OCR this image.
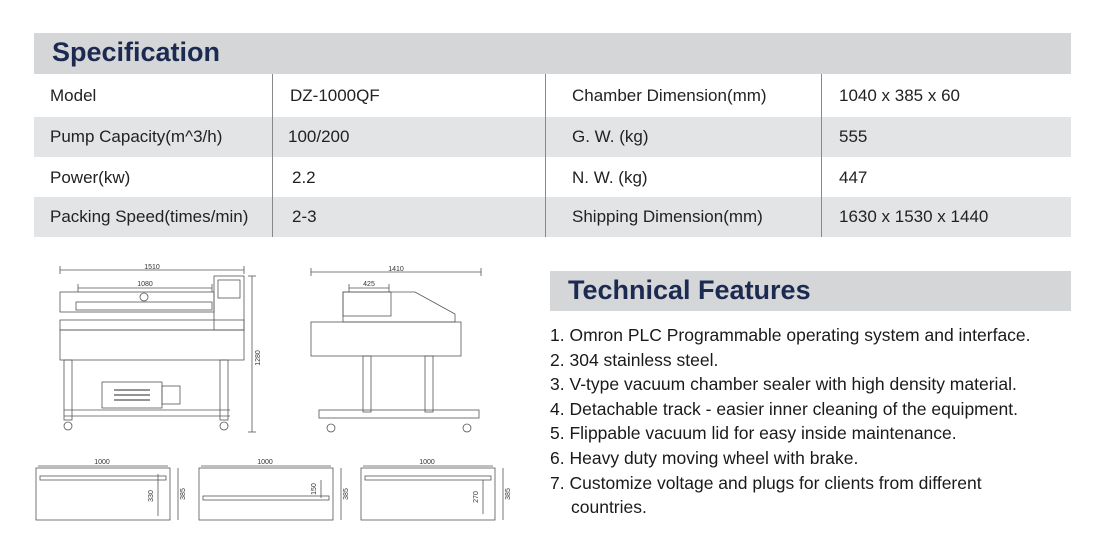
Specification
Model	DZ-1000QF	Chamber Dimension(mm)	1040 x 385 x 60
Pump Capacity(m^3/h)	100/200	G. W. (kg)	555
Power(kw)	2.2	N. W. (kg)	447
Packing Speed(times/min)	2-3	Shipping Dimension(mm)	1630 x 1530 x 1440
1510
1080
1280
1410
425
1000
330	385
1000
150	385
1000
270	385
Technical Features
1. Omron PLC Programmable operating system and interface.
2. 304 stainless steel.
3. V-type vacuum chamber sealer with high density material.
4. Detachable track - easier inner cleaning of the equipment.
5. Flippable vacuum lid for easy inside maintenance.
6. Heavy duty moving wheel with brake.
7. Customize voltage and plugs for clients from different
countries.
